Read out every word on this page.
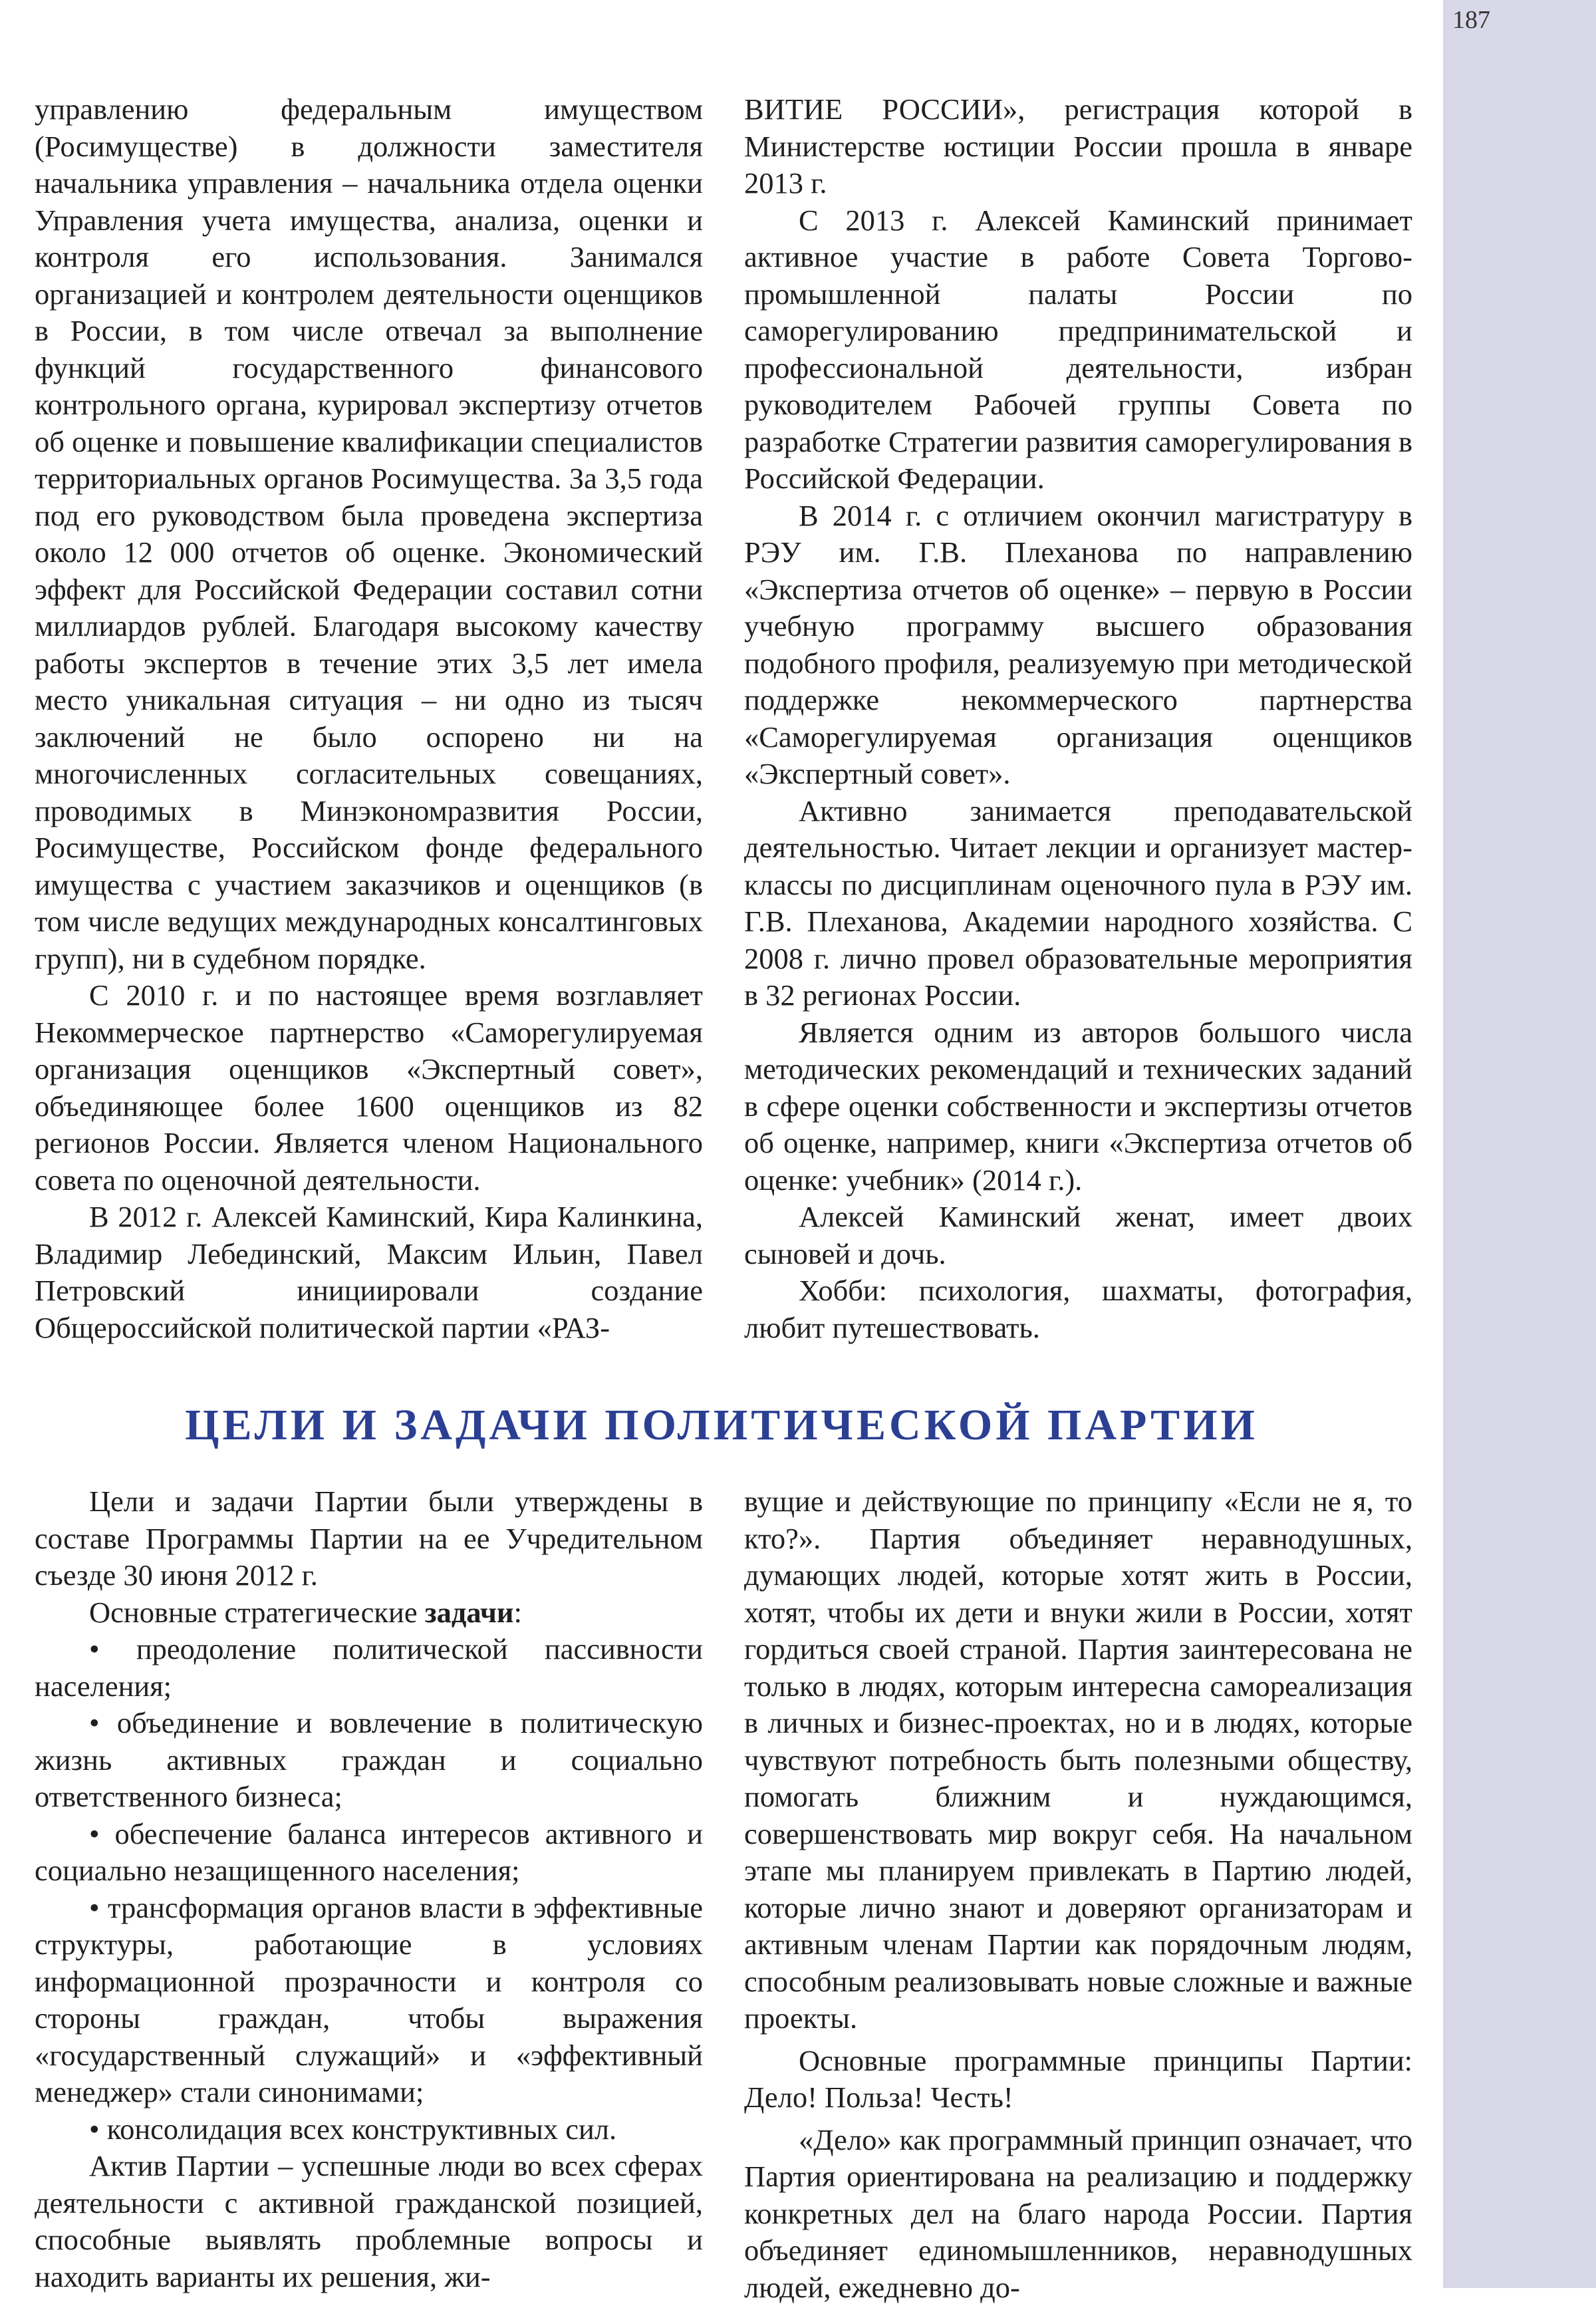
187

управлению федеральным имуществом (Росимуществе) в должности заместителя начальника управления – начальника отдела оценки Управления учета имущества, анализа, оценки и контроля его использования. Занимался организацией и контролем деятельности оценщиков в России, в том числе отвечал за выполнение функций государственного финансового контрольного органа, курировал экспертизу отчетов об оценке и повышение квалификации специалистов территориальных органов Росимущества. За 3,5 года под его руководством была проведена экспертиза около 12 000 отчетов об оценке. Экономический эффект для Российской Федерации составил сотни миллиардов рублей. Благодаря высокому качеству работы экспертов в течение этих 3,5 лет имела место уникальная ситуация – ни одно из тысяч заключений не было оспорено ни на многочисленных согласительных совещаниях, проводимых в Минэкономразвития России, Росимуществе, Российском фонде федерального имущества с участием заказчиков и оценщиков (в том числе ведущих международных консалтинговых групп), ни в судебном порядке.

С 2010 г. и по настоящее время возглавляет Некоммерческое партнерство «Саморегулируемая организация оценщиков «Экспертный совет», объединяющее более 1600 оценщиков из 82 регионов России. Является членом Национального совета по оценочной деятельности.

В 2012 г. Алексей Каминский, Кира Калинкина, Владимир Лебединский, Максим Ильин, Павел Петровский инициировали создание Общероссийской политической партии «РАЗ-

ВИТИЕ РОССИИ», регистрация которой в Министерстве юстиции России прошла в январе 2013 г.

С 2013 г. Алексей Каминский принимает активное участие в работе Совета Торгово-промышленной палаты России по саморегулированию предпринимательской и профессиональной деятельности, избран руководителем Рабочей группы Совета по разработке Стратегии развития саморегулирования в Российской Федерации.

В 2014 г. с отличием окончил магистратуру в РЭУ им. Г.В. Плеханова по направлению «Экспертиза отчетов об оценке» – первую в России учебную программу высшего образования подобного профиля, реализуемую при методической поддержке некоммерческого партнерства «Саморегулируемая организация оценщиков «Экспертный совет».

Активно занимается преподавательской деятельностью. Читает лекции и организует мастер-классы по дисциплинам оценочного пула в РЭУ им. Г.В. Плеханова, Академии народного хозяйства. С 2008 г. лично провел образовательные мероприятия в 32 регионах России.

Является одним из авторов большого числа методических рекомендаций и технических заданий в сфере оценки собственности и экспертизы отчетов об оценке, например, книги «Экспертиза отчетов об оценке: учебник» (2014 г.).

Алексей Каминский женат, имеет двоих сыновей и дочь.

Хобби: психология, шахматы, фотография, любит путешествовать.

ЦЕЛИ И ЗАДАЧИ ПОЛИТИЧЕСКОЙ ПАРТИИ

Цели и задачи Партии были утверждены в составе Программы Партии на ее Учредительном съезде 30 июня 2012 г.

Основные стратегические задачи:

• преодоление политической пассивности населения;

• объединение и вовлечение в политическую жизнь активных граждан и социально ответственного бизнеса;

• обеспечение баланса интересов активного и социально незащищенного населения;

• трансформация органов власти в эффективные структуры, работающие в условиях информационной прозрачности и контроля со стороны граждан, чтобы выражения «государственный служащий» и «эффективный менеджер» стали синонимами;

• консолидация всех конструктивных сил.

Актив Партии – успешные люди во всех сферах деятельности с активной гражданской позицией, способные выявлять проблемные вопросы и находить варианты их решения, жи-

вущие и действующие по принципу «Если не я, то кто?». Партия объединяет неравнодушных, думающих людей, которые хотят жить в России, хотят, чтобы их дети и внуки жили в России, хотят гордиться своей страной. Партия заинтересована не только в людях, которым интересна самореализация в личных и бизнес-проектах, но и в людях, которые чувствуют потребность быть полезными обществу, помогать ближним и нуждающимся, совершенствовать мир вокруг себя. На начальном этапе мы планируем привлекать в Партию людей, которые лично знают и доверяют организаторам и активным членам Партии как порядочным людям, способным реализовывать новые сложные и важные проекты.

Основные программные принципы Партии: Дело! Польза! Честь!

«Дело» как программный принцип означает, что Партия ориентирована на реализацию и поддержку конкретных дел на благо народа России. Партия объединяет единомышленников, неравнодушных людей, ежедневно до-
